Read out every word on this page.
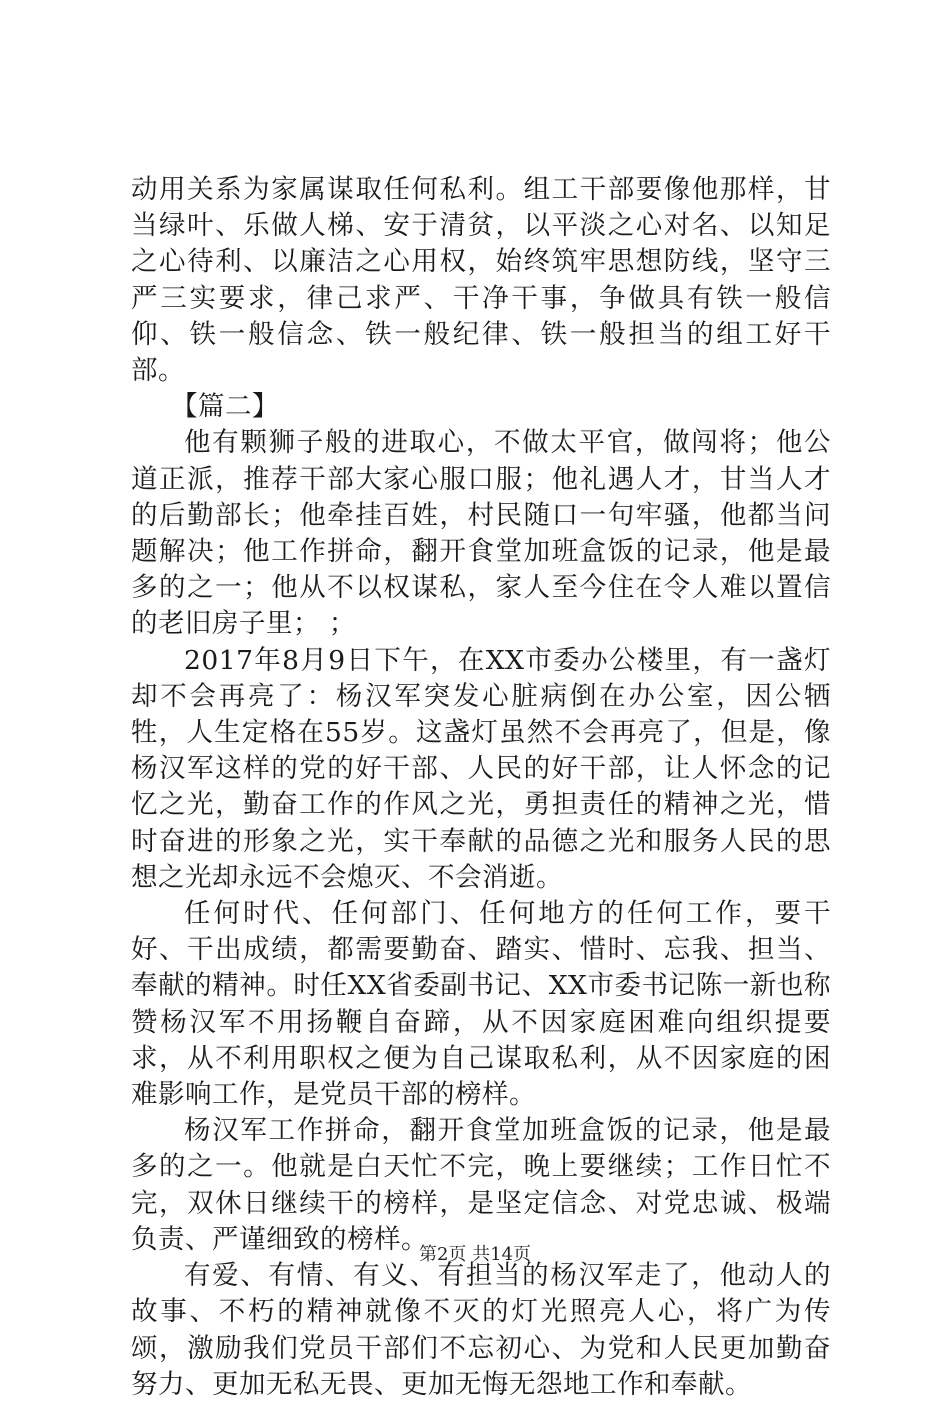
动用关系为家属谋取任何私利。组工干部要像他那样，甘当绿叶、乐做人梯、安于清贫，以平淡之心对名、以知足之心待利、以廉洁之心用权，始终筑牢思想防线，坚守三严三实要求，律己求严、干净干事，争做具有铁一般信仰、铁一般信念、铁一般纪律、铁一般担当的组工好干部。

【篇二】

他有颗狮子般的进取心，不做太平官，做闯将；他公道正派，推荐干部大家心服口服；他礼遇人才，甘当人才的后勤部长；他牵挂百姓，村民随口一句牢骚，他都当问题解决；他工作拼命，翻开食堂加班盒饭的记录，他是最多的之一；他从不以权谋私，家人至今住在令人难以置信的老旧房子里； ；

2017年8月9日下午，在XX市委办公楼里，有一盏灯却不会再亮了：杨汉军突发心脏病倒在办公室，因公牺牲，人生定格在55岁。这盏灯虽然不会再亮了，但是，像杨汉军这样的党的好干部、人民的好干部，让人怀念的记忆之光，勤奋工作的作风之光，勇担责任的精神之光，惜时奋进的形象之光，实干奉献的品德之光和服务人民的思想之光却永远不会熄灭、不会消逝。

任何时代、任何部门、任何地方的任何工作，要干好、干出成绩，都需要勤奋、踏实、惜时、忘我、担当、奉献的精神。时任XX省委副书记、XX市委书记陈一新也称赞杨汉军不用扬鞭自奋蹄，从不因家庭困难向组织提要求，从不利用职权之便为自己谋取私利，从不因家庭的困难影响工作，是党员干部的榜样。

杨汉军工作拼命，翻开食堂加班盒饭的记录，他是最多的之一。他就是白天忙不完，晚上要继续；工作日忙不完，双休日继续干的榜样，是坚定信念、对党忠诚、极端负责、严谨细致的榜样。

有爱、有情、有义、有担当的杨汉军走了，他动人的故事、不朽的精神就像不灭的灯光照亮人心，将广为传颂，激励我们党员干部们不忘初心、为党和人民更加勤奋努力、更加无私无畏、更加无悔无怨地工作和奉献。

第2页 共14页
